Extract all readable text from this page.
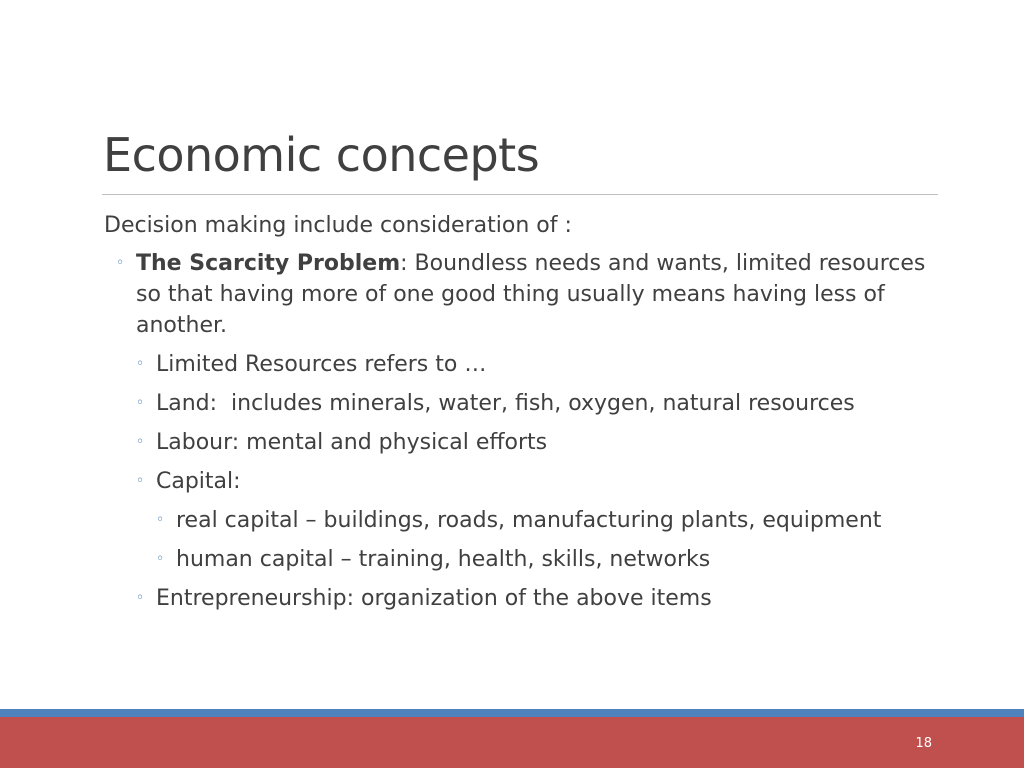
Economic concepts

Decision making include consideration of :

◦ The Scarcity Problem: Boundless needs and wants, limited resources so that having more of one good thing usually means having less of another.
◦ Limited Resources refers to …
◦ Land:  includes minerals, water, fish, oxygen, natural resources
◦ Labour: mental and physical efforts
◦ Capital:
◦ real capital – buildings, roads, manufacturing plants, equipment
◦ human capital – training, health, skills, networks
◦ Entrepreneurship: organization of the above items
18
